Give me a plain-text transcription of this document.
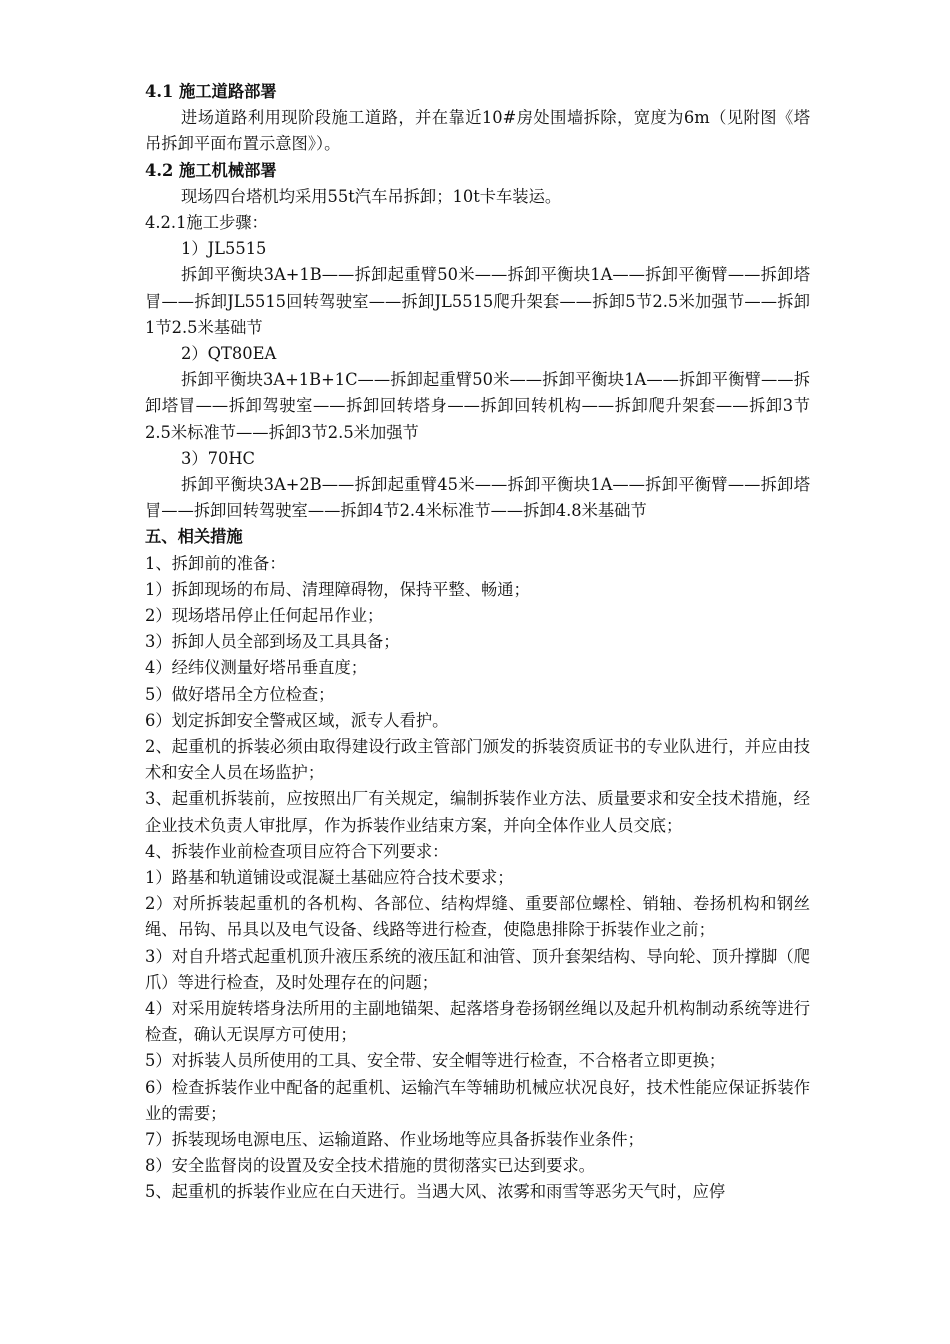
4.1 施工道路部署
进场道路利用现阶段施工道路，并在靠近10#房处围墙拆除，宽度为6m（见附图《塔吊拆卸平面布置示意图》）。
4.2 施工机械部署
现场四台塔机均采用55t汽车吊拆卸；10t卡车装运。
4.2.1施工步骤：
1）JL5515
拆卸平衡块3A+1B——拆卸起重臂50米——拆卸平衡块1A——拆卸平衡臂——拆卸塔冒——拆卸JL5515回转驾驶室——拆卸JL5515爬升架套——拆卸5节2.5米加强节——拆卸1节2.5米基础节
2）QT80EA
拆卸平衡块3A+1B+1C——拆卸起重臂50米——拆卸平衡块1A——拆卸平衡臂——拆卸塔冒——拆卸驾驶室——拆卸回转塔身——拆卸回转机构——拆卸爬升架套——拆卸3节2.5米标准节——拆卸3节2.5米加强节
3）70HC
拆卸平衡块3A+2B——拆卸起重臂45米——拆卸平衡块1A——拆卸平衡臂——拆卸塔冒——拆卸回转驾驶室——拆卸4节2.4米标准节——拆卸4.8米基础节
五、相关措施
1、拆卸前的准备：
1）拆卸现场的布局、清理障碍物，保持平整、畅通；
2）现场塔吊停止任何起吊作业；
3）拆卸人员全部到场及工具具备；
4）经纬仪测量好塔吊垂直度；
5）做好塔吊全方位检查；
6）划定拆卸安全警戒区域，派专人看护。
2、起重机的拆装必须由取得建设行政主管部门颁发的拆装资质证书的专业队进行，并应由技术和安全人员在场监护；
3、起重机拆装前，应按照出厂有关规定，编制拆装作业方法、质量要求和安全技术措施，经企业技术负责人审批厚，作为拆装作业结束方案，并向全体作业人员交底；
4、拆装作业前检查项目应符合下列要求：
1）路基和轨道铺设或混凝土基础应符合技术要求；
2）对所拆装起重机的各机构、各部位、结构焊缝、重要部位螺栓、销轴、卷扬机构和钢丝绳、吊钩、吊具以及电气设备、线路等进行检查，使隐患排除于拆装作业之前；
3）对自升塔式起重机顶升液压系统的液压缸和油管、顶升套架结构、导向轮、顶升撑脚（爬爪）等进行检查，及时处理存在的问题；
4）对采用旋转塔身法所用的主副地锚架、起落塔身卷扬钢丝绳以及起升机构制动系统等进行检查，确认无误厚方可使用；
5）对拆装人员所使用的工具、安全带、安全帽等进行检查，不合格者立即更换；
6）检查拆装作业中配备的起重机、运输汽车等辅助机械应状况良好，技术性能应保证拆装作业的需要；
7）拆装现场电源电压、运输道路、作业场地等应具备拆装作业条件；
8）安全监督岗的设置及安全技术措施的贯彻落实已达到要求。
5、起重机的拆装作业应在白天进行。当遇大风、浓雾和雨雪等恶劣天气时，应停
